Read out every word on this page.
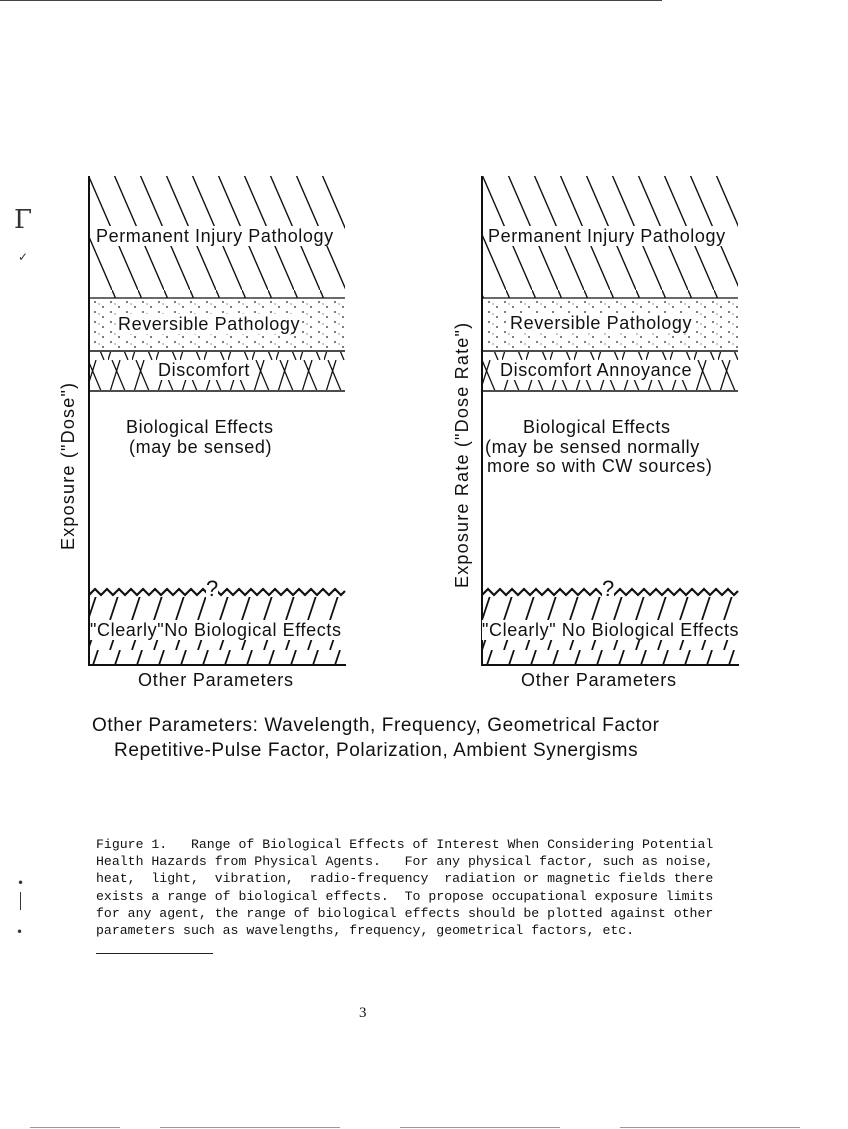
Γ
✓
•
•
Permanent Injury Pathology
Reversible Pathology
Discomfort
Biological Effects
(may be sensed)
?
"Clearly"No Biological Effects
Exposure ("Dose")
Other Parameters
Permanent Injury Pathology
Reversible Pathology
Discomfort Annoyance
Biological Effects
(may be sensed normally
more so with CW sources)
?
"Clearly" No Biological Effects
Exposure Rate ("Dose Rate")
Other Parameters
Other Parameters: Wavelength, Frequency, Geometrical Factor
Repetitive-Pulse Factor, Polarization, Ambient Synergisms
Figure 1.   Range of Biological Effects of Interest When Considering Potential
Health Hazards from Physical Agents.   For any physical factor, such as noise,
heat,  light,  vibration,  radio-frequency  radiation or magnetic fields there
exists a range of biological effects.  To propose occupational exposure limits
for any agent, the range of biological effects should be plotted against other
parameters such as wavelengths, frequency, geometrical factors, etc.
3
